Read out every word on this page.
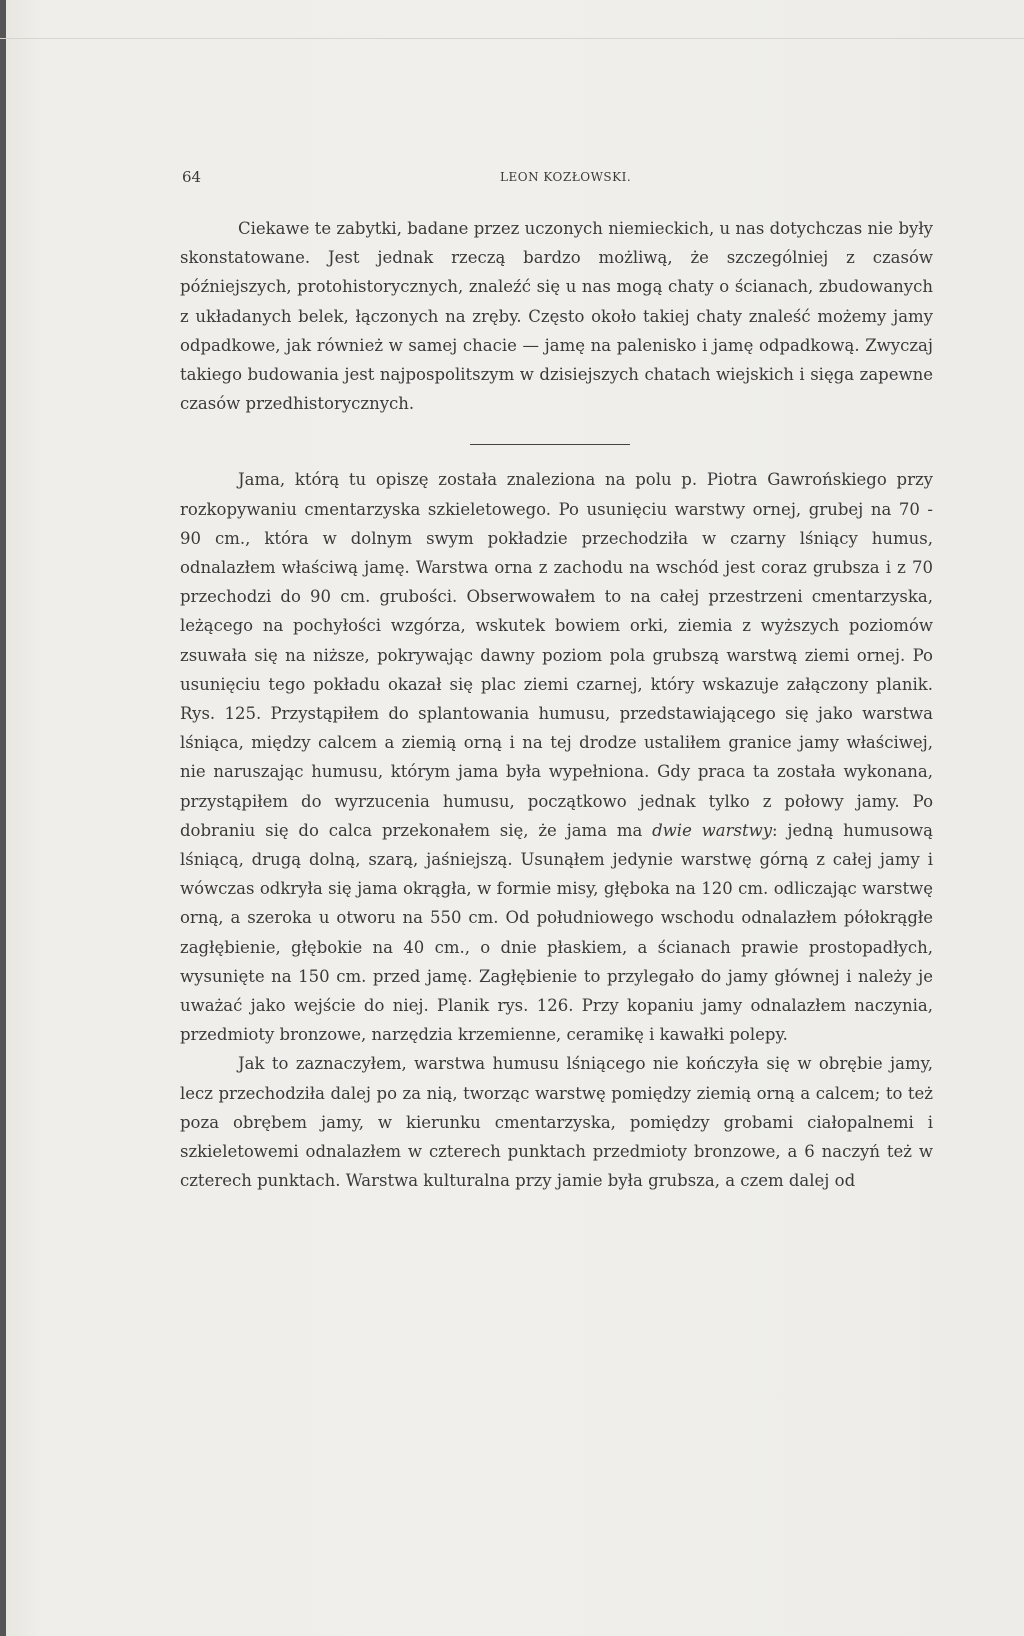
64	LEON KOZŁOWSKI.

Ciekawe te zabytki, badane przez uczonych niemieckich, u nas dotychczas nie były skonstatowane. Jest jednak rzeczą bardzo możliwą, że szczególniej z czasów późniejszych, protohistorycznych, znaleźć się u nas mogą chaty o ścianach, zbudowanych z układanych belek, łączonych na zręby. Często około takiej chaty znaleść możemy jamy odpadkowe, jak również w samej chacie — jamę na palenisko i jamę odpadkową. Zwyczaj takiego budowania jest najpospolitszym w dzisiejszych chatach wiejskich i sięga zapewne czasów przedhistorycznych.

Jama, którą tu opiszę została znaleziona na polu p. Piotra Gawrońskiego przy rozkopywaniu cmentarzyska szkieletowego. Po usunięciu warstwy ornej, grubej na 70 - 90 cm., która w dolnym swym pokładzie przechodziła w czarny lśniący humus, odnalazłem właściwą jamę. Warstwa orna z zachodu na wschód jest coraz grubsza i z 70 przechodzi do 90 cm. grubości. Obserwowałem to na całej przestrzeni cmentarzyska, leżącego na pochyłości wzgórza, wskutek bowiem orki, ziemia z wyższych poziomów zsuwała się na niższe, pokrywając dawny poziom pola grubszą warstwą ziemi ornej. Po usunięciu tego pokładu okazał się plac ziemi czarnej, który wskazuje załączony planik. Rys. 125. Przystąpiłem do splantowania humusu, przedstawiającego się jako warstwa lśniąca, między calcem a ziemią orną i na tej drodze ustaliłem granice jamy właściwej, nie naruszając humusu, którym jama była wypełniona. Gdy praca ta została wykonana, przystąpiłem do wyrzucenia humusu, początkowo jednak tylko z połowy jamy. Po dobraniu się do calca przekonałem się, że jama ma dwie warstwy: jedną humusową lśniącą, drugą dolną, szarą, jaśniejszą. Usunąłem jedynie warstwę górną z całej jamy i wówczas odkryła się jama okrągła, w formie misy, głęboka na 120 cm. odliczając warstwę orną, a szeroka u otworu na 550 cm. Od południowego wschodu odnalazłem półokrągłe zagłębienie, głębokie na 40 cm., o dnie płaskiem, a ścianach prawie prostopadłych, wysunięte na 150 cm. przed jamę. Zagłębienie to przylegało do jamy głównej i należy je uważać jako wejście do niej. Planik rys. 126. Przy kopaniu jamy odnalazłem naczynia, przedmioty bronzowe, narzędzia krzemienne, ceramikę i kawałki polepy.

Jak to zaznaczyłem, warstwa humusu lśniącego nie kończyła się w obrębie jamy, lecz przechodziła dalej po za nią, tworząc warstwę pomiędzy ziemią orną a calcem; to też poza obrębem jamy, w kierunku cmentarzyska, pomiędzy grobami ciałopalnemi i szkieletowemi odnalazłem w czterech punktach przedmioty bronzowe, a 6 naczyń też w czterech punktach. Warstwa kulturalna przy jamie była grubsza, a czem dalej od
